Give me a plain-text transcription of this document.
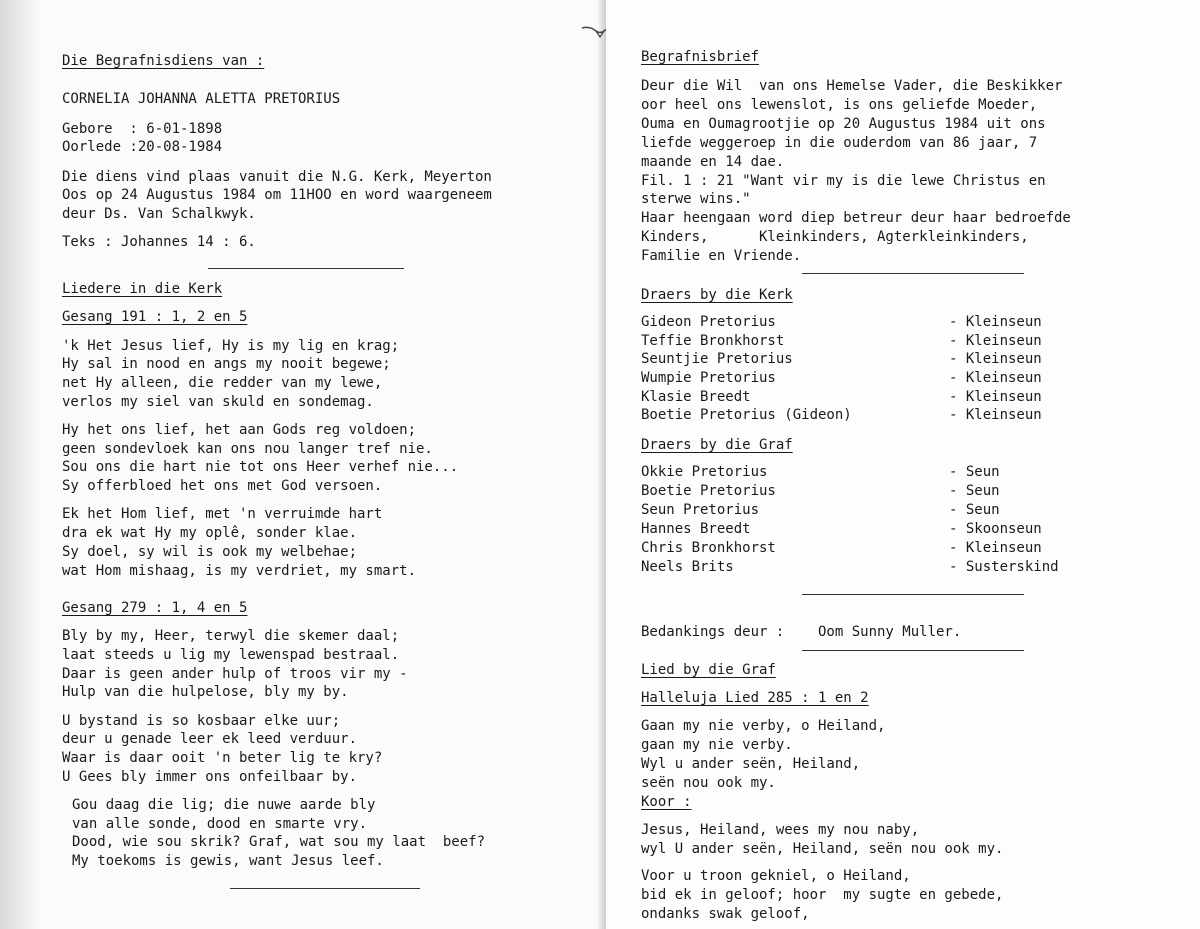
Die Begrafnisdiens van :
CORNELIA JOHANNA ALETTA PRETORIUS
Gebore  : 6-01-1898
Oorlede :20-08-1984
Die diens vind plaas vanuit die N.G. Kerk, Meyerton
Oos op 24 Augustus 1984 om 11HOO en word waargeneem
deur Ds. Van Schalkwyk.
Teks : Johannes 14 : 6.
Liedere in die Kerk
Gesang 191 : 1, 2 en 5
'k Het Jesus lief, Hy is my lig en krag;
Hy sal in nood en angs my nooit begewe;
net Hy alleen, die redder van my lewe,
verlos my siel van skuld en sondemag.
Hy het ons lief, het aan Gods reg voldoen;
geen sondevloek kan ons nou langer tref nie.
Sou ons die hart nie tot ons Heer verhef nie...
Sy offerbloed het ons met God versoen.
Ek het Hom lief, met 'n verruimde hart
dra ek wat Hy my oplê, sonder klae.
Sy doel, sy wil is ook my welbehae;
wat Hom mishaag, is my verdriet, my smart.
Gesang 279 : 1, 4 en 5
Bly by my, Heer, terwyl die skemer daal;
laat steeds u lig my lewenspad bestraal.
Daar is geen ander hulp of troos vir my -
Hulp van die hulpelose, bly my by.
U bystand is so kosbaar elke uur;
deur u genade leer ek leed verduur.
Waar is daar ooit 'n beter lig te kry?
U Gees bly immer ons onfeilbaar by.
Gou daag die lig; die nuwe aarde bly
van alle sonde, dood en smarte vry.
Dood, wie sou skrik? Graf, wat sou my laat  beef?
My toekoms is gewis, want Jesus leef.
Begrafnisbrief
Deur die Wil  van ons Hemelse Vader, die Beskikker
oor heel ons lewenslot, is ons geliefde Moeder,
Ouma en Oumagrootjie op 20 Augustus 1984 uit ons
liefde weggeroep in die ouderdom van 86 jaar, 7
maande en 14 dae.
Fil. 1 : 21 "Want vir my is die lewe Christus en
sterwe wins."
Haar heengaan word diep betreur deur haar bedroefde
Kinders,      Kleinkinders, Agterkleinkinders,
Familie en Vriende.
Draers by die Kerk
Gideon Pretorius	- Kleinseun
Teffie Bronkhorst	- Kleinseun
Seuntjie Pretorius	- Kleinseun
Wumpie Pretorius	- Kleinseun
Klasie Breedt	- Kleinseun
Boetie Pretorius (Gideon)	- Kleinseun
Draers by die Graf
Okkie Pretorius	- Seun
Boetie Pretorius	- Seun
Seun Pretorius	- Seun
Hannes Breedt	- Skoonseun
Chris Bronkhorst	- Kleinseun
Neels Brits	- Susterskind
Bedankings deur : Oom Sunny Muller.
Lied by die Graf
Halleluja Lied 285 : 1 en 2
Gaan my nie verby, o Heiland,
gaan my nie verby.
Wyl u ander seën, Heiland,
seën nou ook my.
Koor :
Jesus, Heiland, wees my nou naby,
wyl U ander seën, Heiland, seën nou ook my.
Voor u troon gekniel, o Heiland,
bid ek in geloof; hoor  my sugte en gebede,
ondanks swak geloof,
